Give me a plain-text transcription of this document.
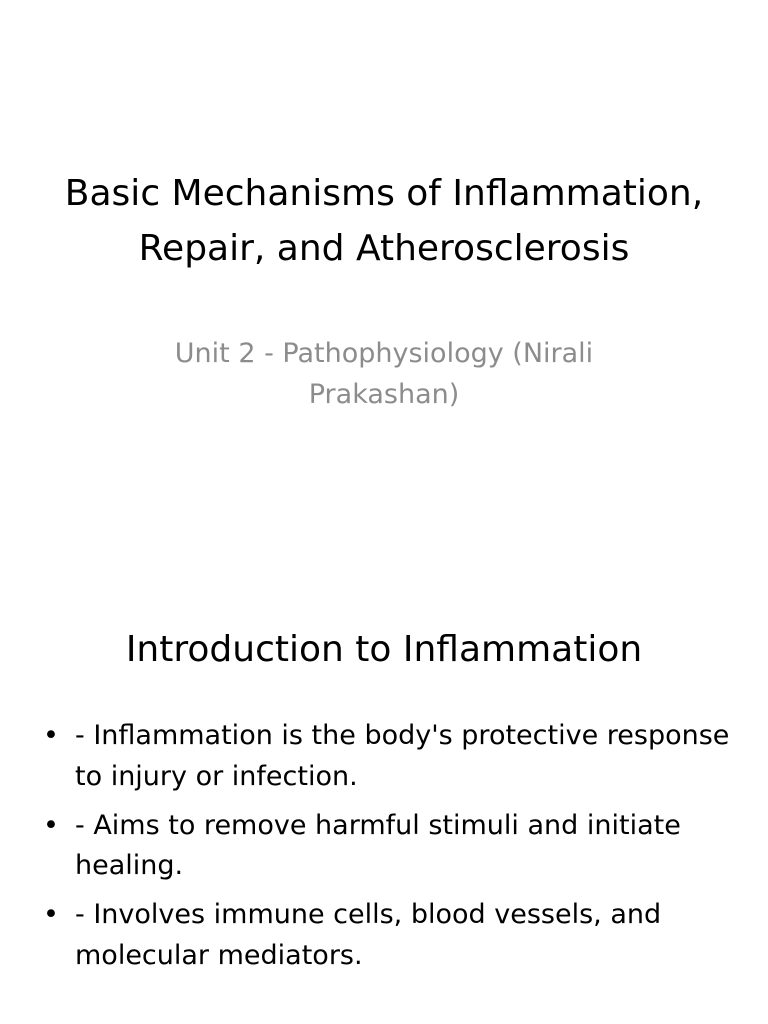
Basic Mechanisms of Inflammation, Repair, and Atherosclerosis

Unit 2 - Pathophysiology (Nirali Prakashan)

Introduction to Inflammation
• - Inflammation is the body's protective response to injury or infection.
• - Aims to remove harmful stimuli and initiate healing.
• - Involves immune cells, blood vessels, and molecular mediators.
